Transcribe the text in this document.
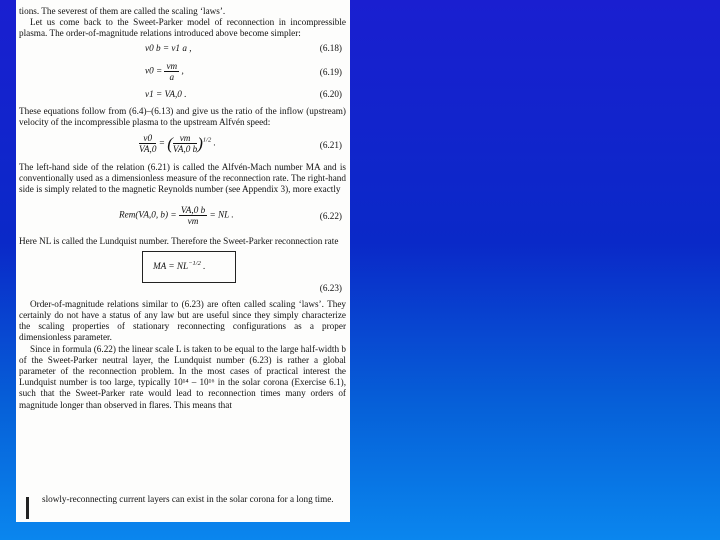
tions. The severest of them are called the scaling ‘laws’.

Let us come back to the Sweet-Parker model of reconnection in incompressible plasma. The order-of-magnitude relations introduced above become simpler:

v0 b = v1 a ,	(6.18)
$v0 = \frac{\nu m}{a}$ ,	(6.19)
v1 = VA,0 .	(6.20)

These equations follow from (6.4)–(6.13) and give us the ratio of the inflow (upstream) velocity of the incompressible plasma to the upstream Alfvén speed:

$\frac{v0}{VA,0}$ = ( $\frac{\nu m}{VA,0 b} )^{1/2}$ .	(6.21)

The left-hand side of the relation (6.21) is called the Alfvén-Mach number MA and is conventionally used as a dimensionless measure of the reconnection rate. The right-hand side is simply related to the magnetic Reynolds number (see Appendix 3), more exactly

Rem(VA,0, $b) = \frac{VA,0 b}{\nu m}$ = NL .	(6.22)

Here NL is called the Lundquist number. Therefore the Sweet-Parker reconnection rate

MA = $NL^{-1/2}$ .
(6.23)

Order-of-magnitude relations similar to (6.23) are often called scaling ‘laws’. They certainly do not have a status of any law but are useful since they simply characterize the scaling properties of stationary reconnecting configurations as a proper dimensionless parameter.

Since in formula (6.22) the linear scale L is taken to be equal to the large half-width b of the Sweet-Parker neutral layer, the Lundquist number (6.23) is rather a global parameter of the reconnection problem. In the most cases of practical interest the Lundquist number is too large, typically 10¹⁴ – 10¹⁶ in the solar corona (Exercise 6.1), such that the Sweet-Parker rate would lead to reconnection times many orders of magnitude longer than observed in flares. This means that

slowly-reconnecting current layers can exist in the solar corona for a long time.
